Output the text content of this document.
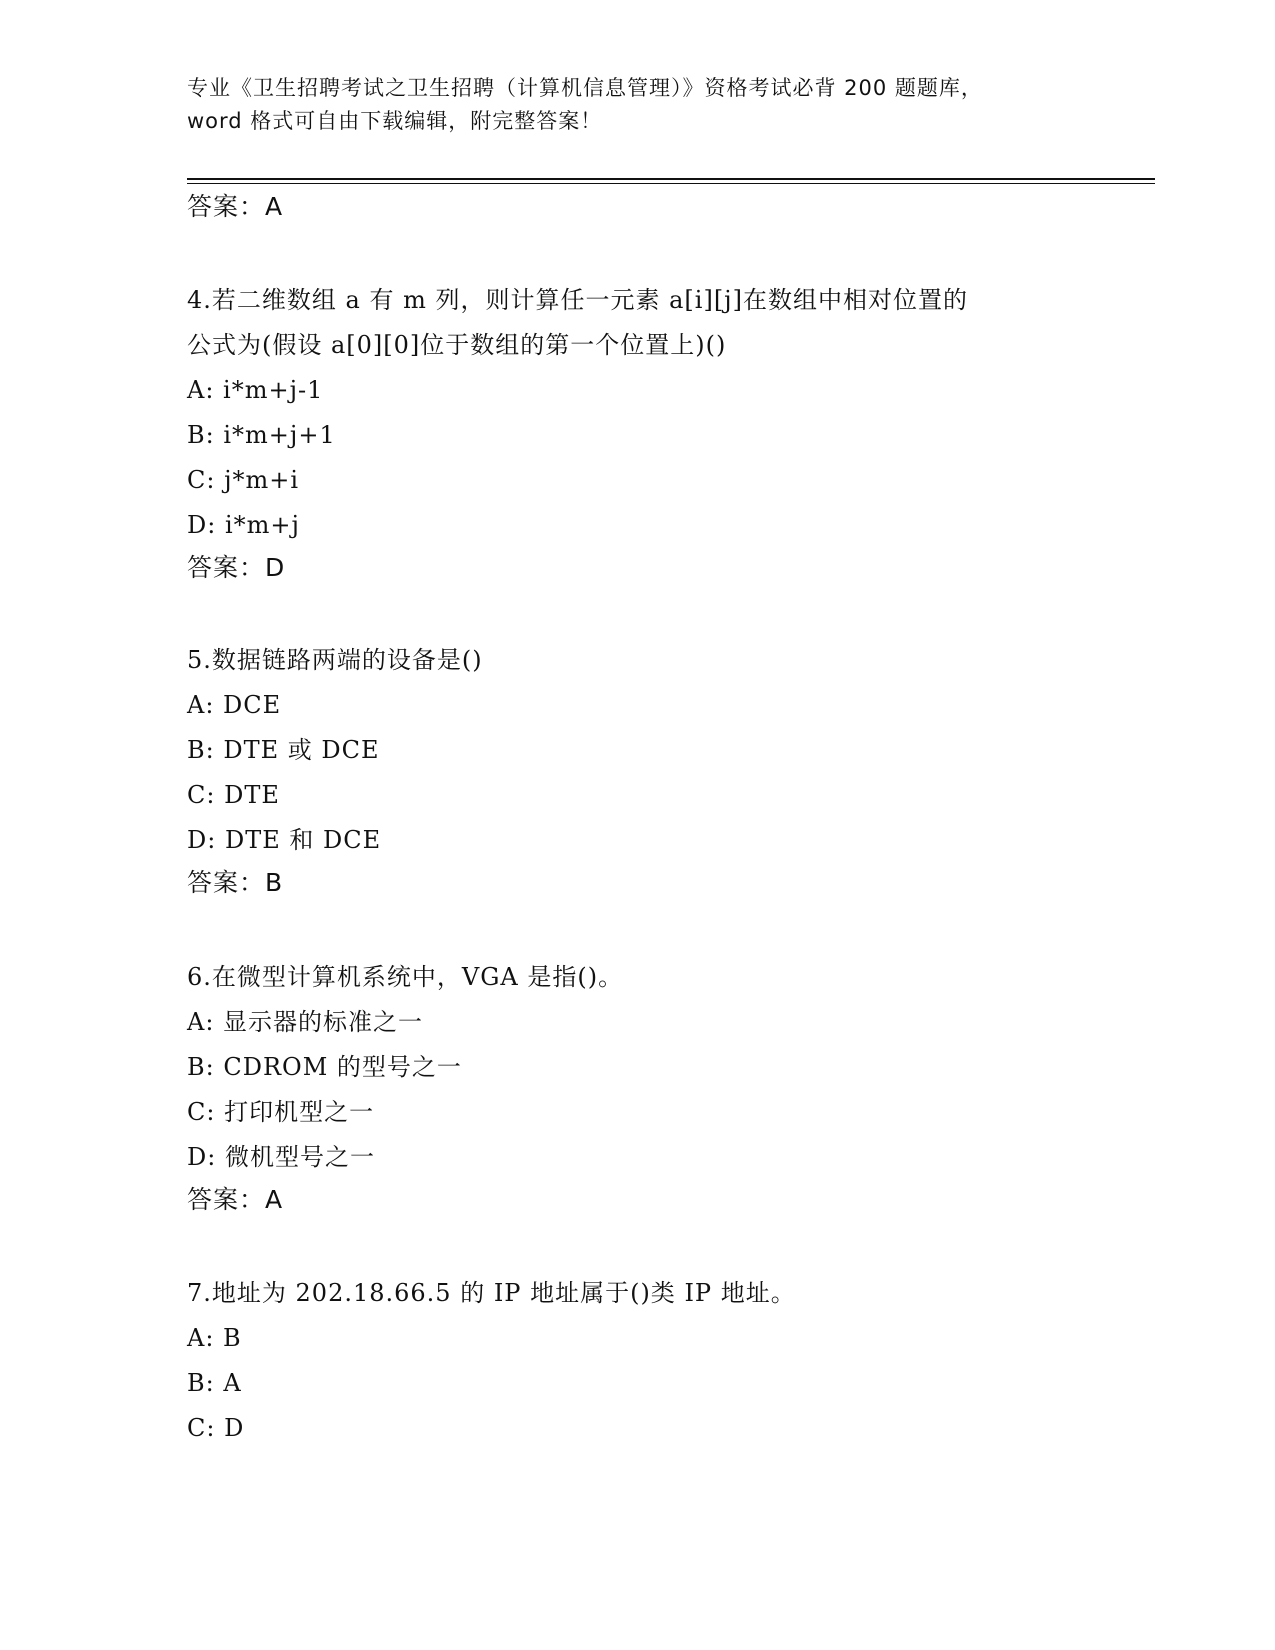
专业《卫生招聘考试之卫生招聘（计算机信息管理）》资格考试必背 200 题题库，
word 格式可自由下载编辑，附完整答案！
答案：A
4.若二维数组 a 有 m 列，则计算任一元素 a[i][j]在数组中相对位置的
公式为(假设 a[0][0]位于数组的第一个位置上)()
A: i*m+j-1
B: i*m+j+1
C: j*m+i
D: i*m+j
答案：D
5.数据链路两端的设备是()
A: DCE
B: DTE 或 DCE
C: DTE
D: DTE 和 DCE
答案：B
6.在微型计算机系统中，VGA 是指()。
A: 显示器的标准之一
B: CDROM 的型号之一
C: 打印机型之一
D: 微机型号之一
答案：A
7.地址为 202.18.66.5 的 IP 地址属于()类 IP 地址。
A: B
B: A
C: D
